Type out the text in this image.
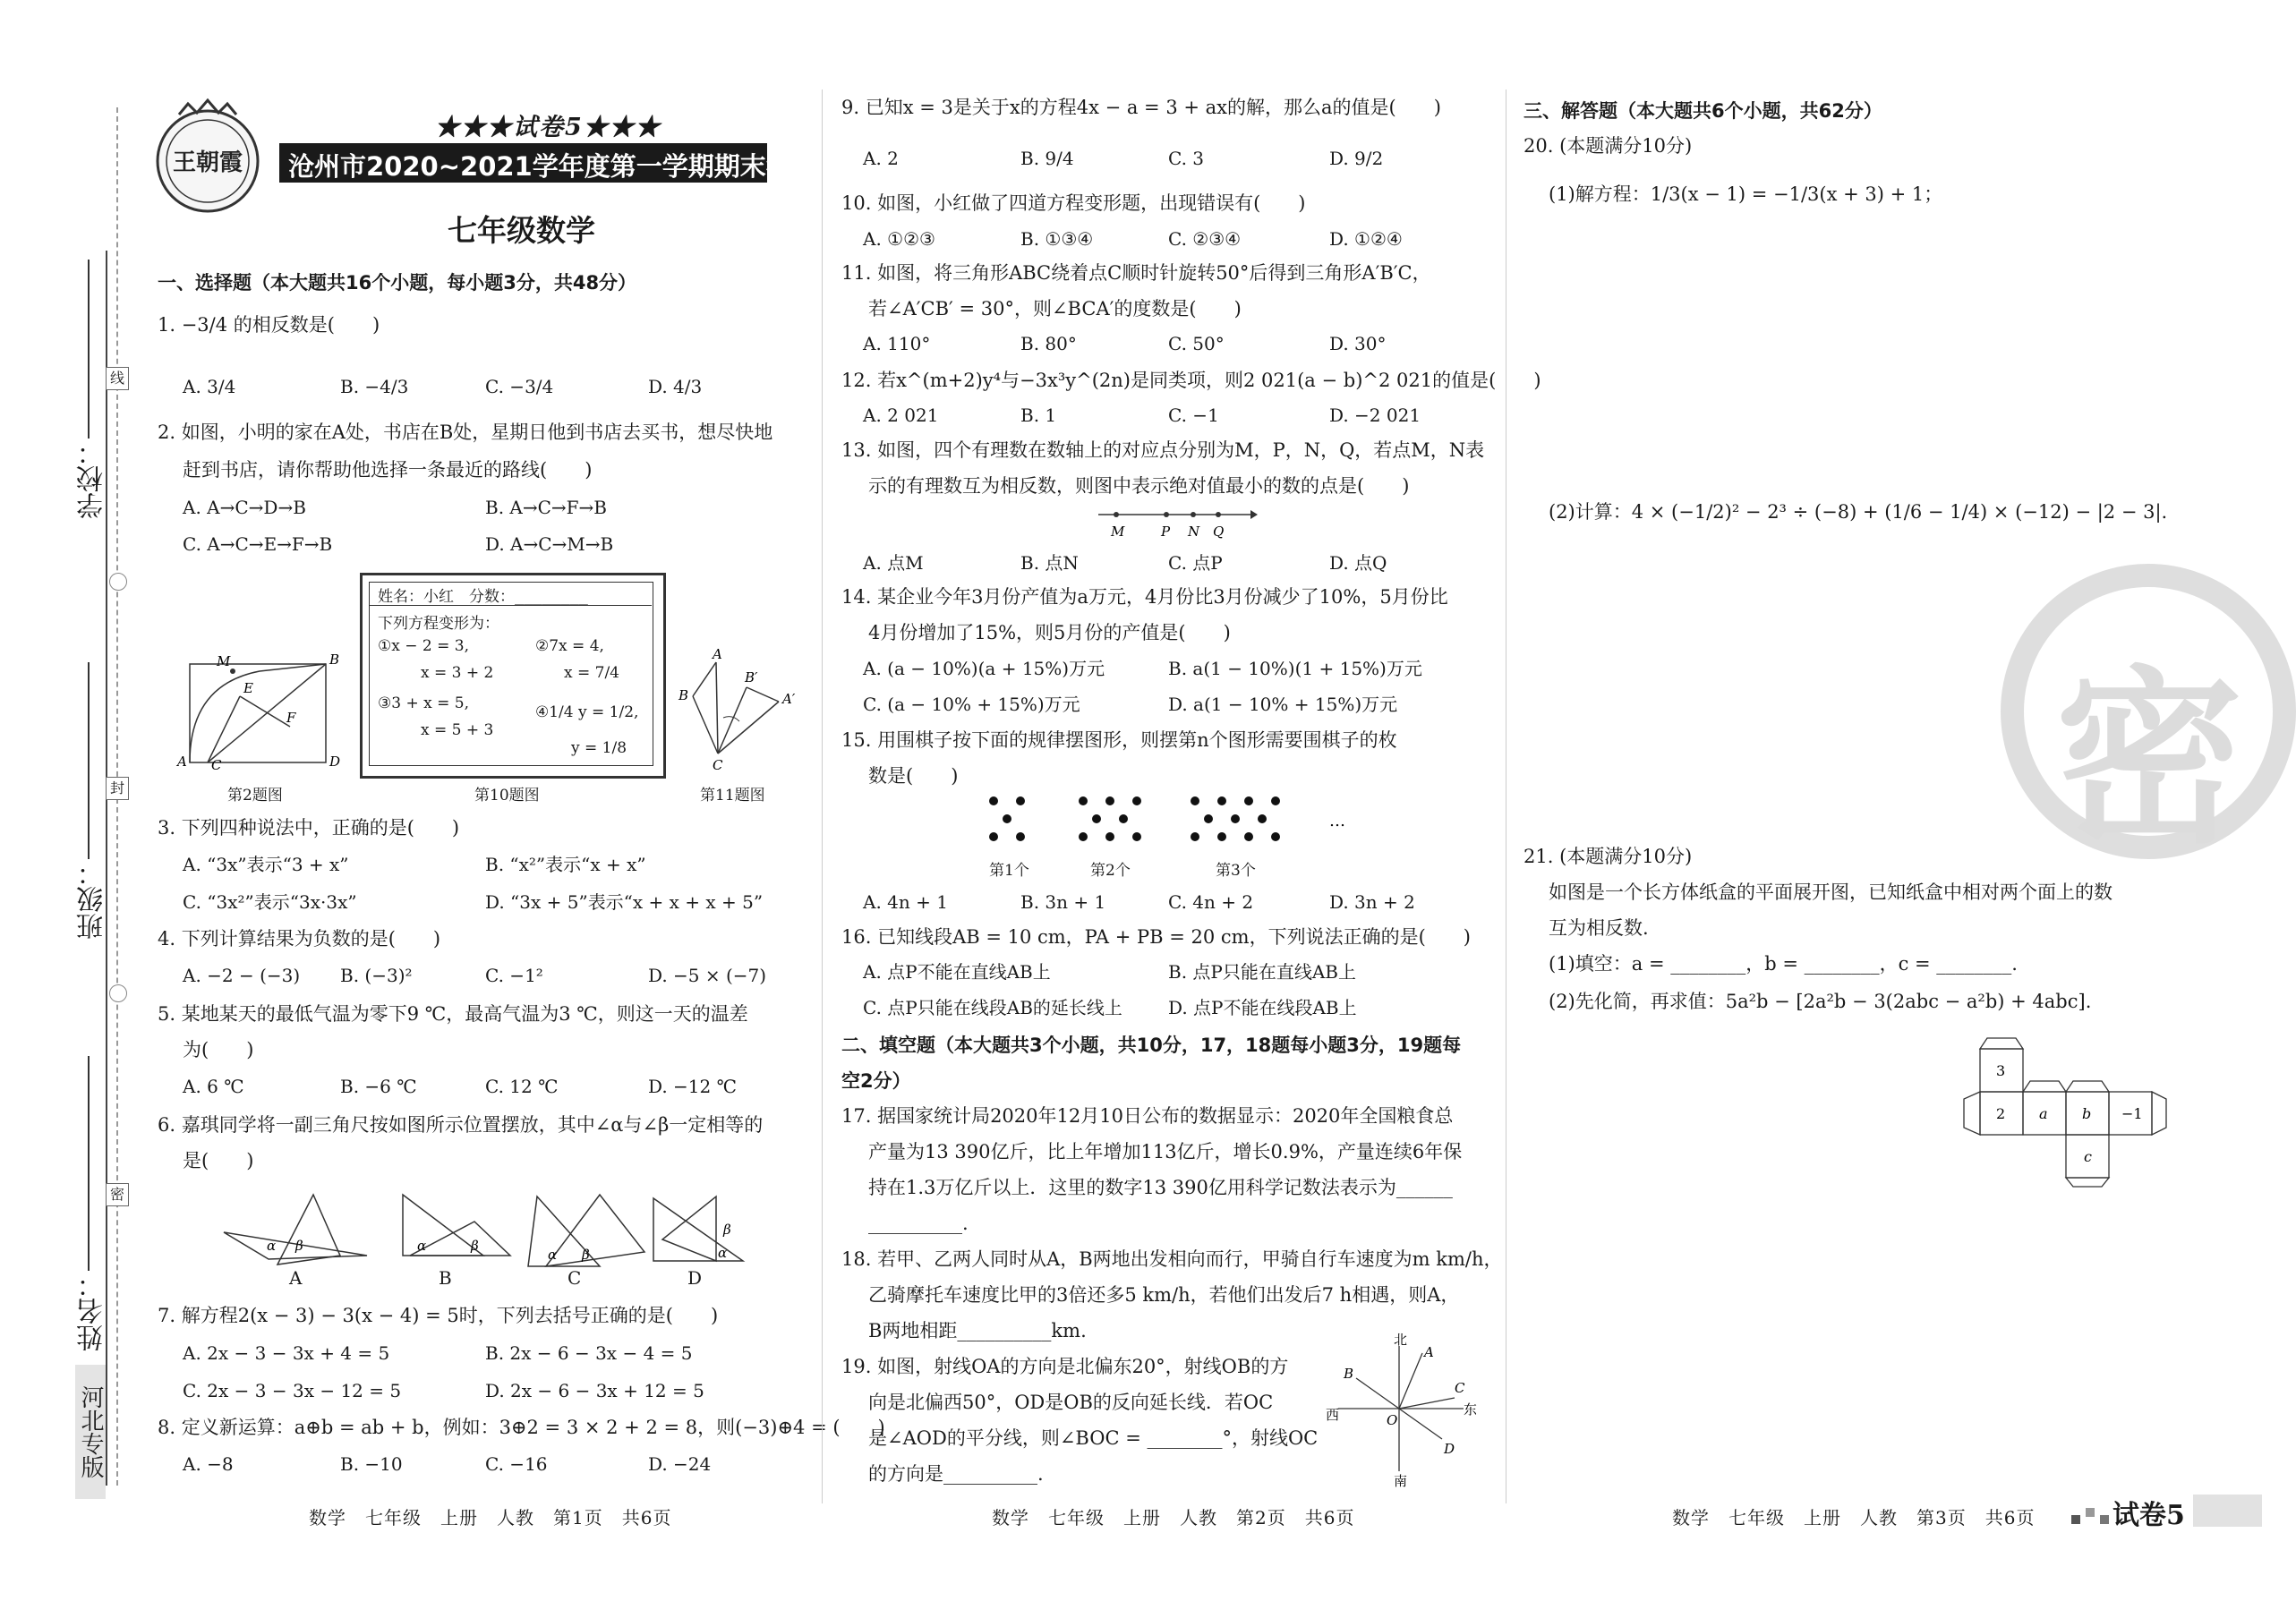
学校：
班级：
姓名：
线
封
密
河北专版
王朝霞
★★★试卷5★★★
沧州市2020~2021学年度第一学期期末考试试卷
七年级数学
一、选择题（本大题共16个小题，每小题3分，共48分）
1. −3/4 的相反数是(　　)
A. 3/4	B. −4/3	C. −3/4	D. 4/3
2. 如图，小明的家在A处，书店在B处，星期日他到书店去买书，想尽快地
赶到书店，请你帮助他选择一条最近的路线(　　)
A. A→C→D→B	B. A→C→F→B
C. A→C→E→F→B	D. A→C→M→B
M
E
F
B
A C	D
第2题图
姓名：小红　分数：________
下列方程变形为：
①x − 2 = 3,
x = 3 + 2
②7x = 4,
x = 7/4
③3 + x = 5,
x = 5 + 3
④1/4 y = 1/2,
y = 1/8
第10题图
A
B
B′
A′
C
第11题图
3. 下列四种说法中，正确的是(　　)
A. “3x”表示“3 + x”	B. “x²”表示“x + x”
C. “3x²”表示“3x·3x”	D. “3x + 5”表示“x + x + x + 5”
4. 下列计算结果为负数的是(　　)
A. −2 − (−3) B. (−3)²	C. −1²	D. −5 × (−7)
5. 某地某天的最低气温为零下9 ℃，最高气温为3 ℃，则这一天的温差
为(　　)
A. 6 ℃	B. −6 ℃	C. 12 ℃	D. −12 ℃
6. 嘉琪同学将一副三角尺按如图所示位置摆放，其中∠α与∠β一定相等的
是(　　)
α β	α	β
α β
β
α
A	B	C	D
7. 解方程2(x − 3) − 3(x − 4) = 5时，下列去括号正确的是(　　)
A. 2x − 3 − 3x + 4 = 5	B. 2x − 6 − 3x − 4 = 5
C. 2x − 3 − 3x − 12 = 5	D. 2x − 6 − 3x + 12 = 5
8. 定义新运算：a⊕b = ab + b，例如：3⊕2 = 3 × 2 + 2 = 8，则(−3)⊕4 = (　　)
A. −8	B. −10	C. −16	D. −24
数学　七年级　上册　人教　第1页　共6页
9. 已知x = 3是关于x的方程4x − a = 3 + ax的解，那么a的值是(　　)
A. 2	B. 9/4	C. 3	D. 9/2
10. 如图，小红做了四道方程变形题，出现错误有(　　)
A. ①②③	B. ①③④	C. ②③④	D. ①②④
11. 如图，将三角形ABC绕着点C顺时针旋转50°后得到三角形A′B′C，
若∠A′CB′ = 30°，则∠BCA′的度数是(　　)
A. 110°	B. 80°	C. 50°	D. 30°
12. 若x^(m+2)y⁴与−3x³y^(2n)是同类项，则2 021(a − b)^2 021的值是(　　)
A. 2 021	B. 1	C. −1	D. −2 021
13. 如图，四个有理数在数轴上的对应点分别为M，P，N，Q，若点M，N表
示的有理数互为相反数，则图中表示绝对值最小的数的点是(　　)
M	P N Q
A. 点M	B. 点N	C. 点P	D. 点Q
14. 某企业今年3月份产值为a万元，4月份比3月份减少了10%，5月份比
4月份增加了15%，则5月份的产值是(　　)
A. (a − 10%)(a + 15%)万元	B. a(1 − 10%)(1 + 15%)万元
C. (a − 10% + 15%)万元	D. a(1 − 10% + 15%)万元
15. 用围棋子按下面的规律摆图形，则摆第n个图形需要围棋子的枚
数是(　　)
…
第1个	第2个	第3个
A. 4n + 1	B. 3n + 1	C. 4n + 2	D. 3n + 2
16. 已知线段AB = 10 cm，PA + PB = 20 cm，下列说法正确的是(　　)
A. 点P不能在直线AB上	B. 点P只能在直线AB上
C. 点P只能在线段AB的延长线上	D. 点P不能在线段AB上
二、填空题（本大题共3个小题，共10分，17，18题每小题3分，19题每
空2分）
17. 据国家统计局2020年12月10日公布的数据显示：2020年全国粮食总
产量为13 390亿斤，比上年增加113亿斤，增长0.9%，产量连续6年保
持在1.3万亿斤以上．这里的数字13 390亿用科学记数法表示为______
__________.
18. 若甲、乙两人同时从A，B两地出发相向而行，甲骑自行车速度为m km/h，
乙骑摩托车速度比甲的3倍还多5 km/h，若他们出发后7 h相遇，则A，
B两地相距__________km.
19. 如图，射线OA的方向是北偏东20°，射线OB的方
向是北偏西50°，OD是OB的反向延长线．若OC
是∠AOD的平分线，则∠BOC = ________°，射线OC
的方向是__________.
北
南
东
西
A
B
C
D
O
数学　七年级　上册　人教　第2页　共6页
密
三、解答题（本大题共6个小题，共62分）
20. (本题满分10分)
(1)解方程：1/3(x − 1) = −1/3(x + 3) + 1；
(2)计算：4 × (−1/2)² − 2³ ÷ (−8) + (1/6 − 1/4) × (−12) − |2 − 3|.
21. (本题满分10分)
如图是一个长方体纸盒的平面展开图，已知纸盒中相对两个面上的数
互为相反数.
(1)填空：a = ________，b = ________，c = ________.
(2)先化简，再求值：5a²b − [2a²b − 3(2abc − a²b) + 4abc].
3
2 a b −1
c
数学　七年级　上册　人教　第3页　共6页	试卷5
